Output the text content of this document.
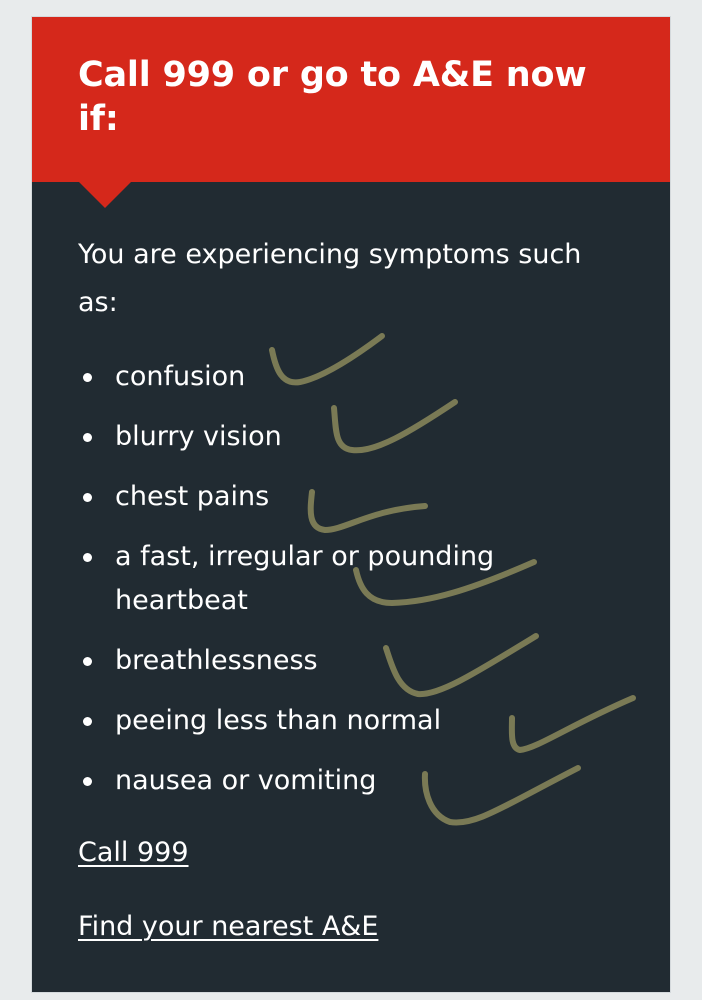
Call 999 or go to A&E now if:

You are experiencing symptoms such as:

confusion
blurry vision
chest pains
a fast, irregular or pounding heartbeat
breathlessness
peeing less than normal
nausea or vomiting
Call 999
Find your nearest A&E
